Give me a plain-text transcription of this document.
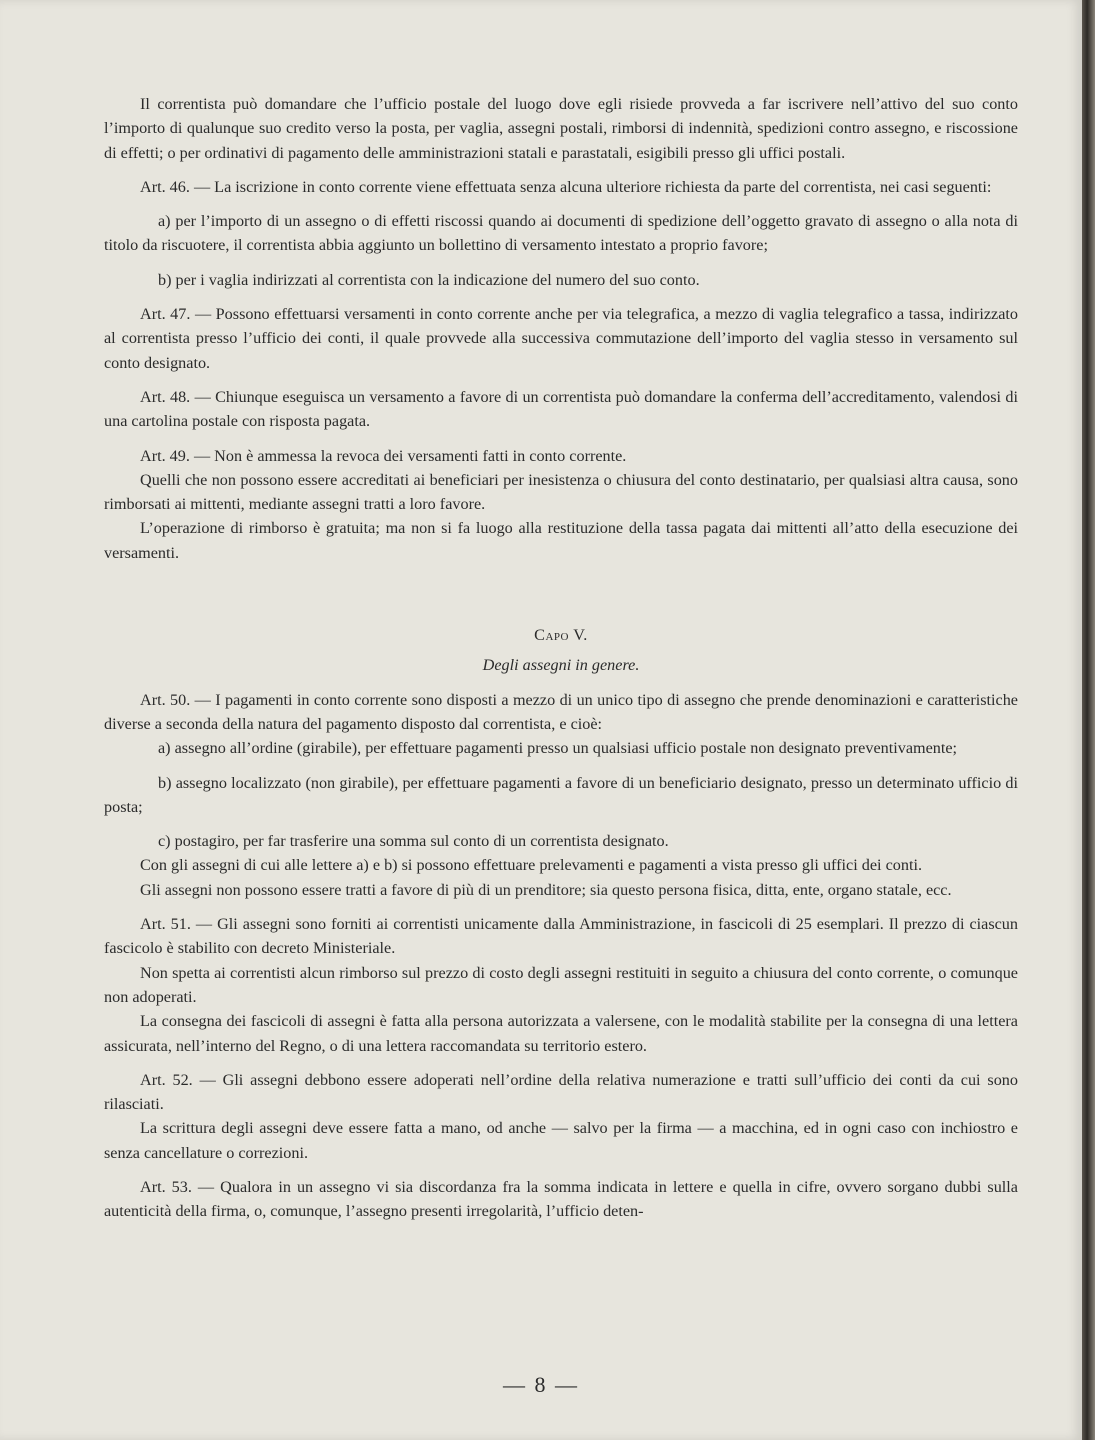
Il correntista può domandare che l’ufficio postale del luogo dove egli risiede provveda a far iscrivere nell’attivo del suo conto l’importo di qualunque suo credito verso la posta, per vaglia, assegni postali, rimborsi di indennità, spedizioni contro assegno, e riscossione di effetti; o per ordinativi di pagamento delle amministrazioni statali e parastatali, esigibili presso gli uffici postali.

Art. 46. — La iscrizione in conto corrente viene effettuata senza alcuna ulteriore richiesta da parte del correntista, nei casi seguenti:

a) per l’importo di un assegno o di effetti riscossi quando ai documenti di spedizione dell’oggetto gravato di assegno o alla nota di titolo da riscuotere, il correntista abbia aggiunto un bollettino di versamento intestato a proprio favore;

b) per i vaglia indirizzati al correntista con la indicazione del numero del suo conto.

Art. 47. — Possono effettuarsi versamenti in conto corrente anche per via telegrafica, a mezzo di vaglia telegrafico a tassa, indirizzato al correntista presso l’ufficio dei conti, il quale provvede alla successiva commutazione dell’importo del vaglia stesso in versamento sul conto designato.

Art. 48. — Chiunque eseguisca un versamento a favore di un correntista può domandare la conferma dell’accreditamento, valendosi di una cartolina postale con risposta pagata.

Art. 49. — Non è ammessa la revoca dei versamenti fatti in conto corrente.

Quelli che non possono essere accreditati ai beneficiari per inesistenza o chiusura del conto destinatario, per qualsiasi altra causa, sono rimborsati ai mittenti, mediante assegni tratti a loro favore.

L’operazione di rimborso è gratuita; ma non si fa luogo alla restituzione della tassa pagata dai mittenti all’atto della esecuzione dei versamenti.

Capo V.

Degli assegni in genere.

Art. 50. — I pagamenti in conto corrente sono disposti a mezzo di un unico tipo di assegno che prende denominazioni e caratteristiche diverse a seconda della natura del pagamento disposto dal correntista, e cioè:

a) assegno all’ordine (girabile), per effettuare pagamenti presso un qualsiasi ufficio postale non designato preventivamente;

b) assegno localizzato (non girabile), per effettuare pagamenti a favore di un beneficiario designato, presso un determinato ufficio di posta;

c) postagiro, per far trasferire una somma sul conto di un correntista designato.

Con gli assegni di cui alle lettere a) e b) si possono effettuare prelevamenti e pagamenti a vista presso gli uffici dei conti.

Gli assegni non possono essere tratti a favore di più di un prenditore; sia questo persona fisica, ditta, ente, organo statale, ecc.

Art. 51. — Gli assegni sono forniti ai correntisti unicamente dalla Amministrazione, in fascicoli di 25 esemplari. Il prezzo di ciascun fascicolo è stabilito con decreto Ministeriale.

Non spetta ai correntisti alcun rimborso sul prezzo di costo degli assegni restituiti in seguito a chiusura del conto corrente, o comunque non adoperati.

La consegna dei fascicoli di assegni è fatta alla persona autorizzata a valersene, con le modalità stabilite per la consegna di una lettera assicurata, nell’interno del Regno, o di una lettera raccomandata su territorio estero.

Art. 52. — Gli assegni debbono essere adoperati nell’ordine della relativa numerazione e tratti sull’ufficio dei conti da cui sono rilasciati.

La scrittura degli assegni deve essere fatta a mano, od anche — salvo per la firma — a macchina, ed in ogni caso con inchiostro e senza cancellature o correzioni.

Art. 53. — Qualora in un assegno vi sia discordanza fra la somma indicata in lettere e quella in cifre, ovvero sorgano dubbi sulla autenticità della firma, o, comunque, l’assegno presenti irregolarità, l’ufficio deten-

— 8 —
